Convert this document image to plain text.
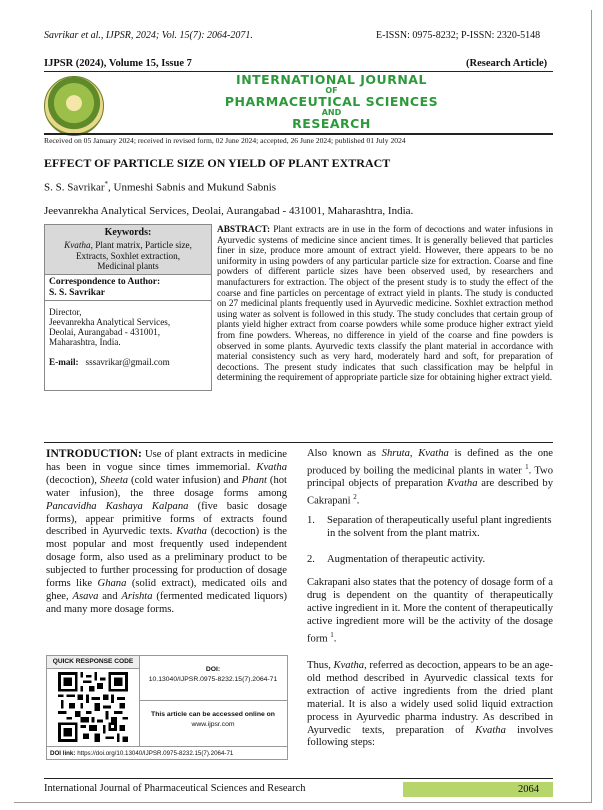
Savrikar et al., IJPSR, 2024; Vol. 15(7): 2064-2071.	E-ISSN: 0975-8232; P-ISSN: 2320-5148
IJPSR (2024), Volume 15, Issue 7	(Research Article)
INTERNATIONAL JOURNAL
OF
PHARMACEUTICAL SCIENCES
AND
RESEARCH
Received on 05 January 2024; received in revised form, 02 June 2024; accepted, 26 June 2024; published 01 July 2024
EFFECT OF PARTICLE SIZE ON YIELD OF PLANT EXTRACT
S. S. Savrikar*, Unmeshi Sabnis and Mukund Sabnis
Jeevanrekha Analytical Services, Deolai, Aurangabad - 431001, Maharashtra, India.
Keywords:
Kvatha, Plant matrix, Particle size,
Extracts, Soxhlet extraction,
Medicinal plants
Correspondence to Author:
S. S. Savrikar
Director,
Jeevanrekha Analytical Services,
Deolai, Aurangabad - 431001,
Maharashtra, India.
E-mail: sssavrikar@gmail.com
ABSTRACT: Plant extracts are in use in the form of decoctions and water infusions in Ayurvedic systems of medicine since ancient times. It is generally believed that particles finer in size, produce more amount of extract yield. However, there appears to be no uniformity in using powders of any particular particle size for extraction. Coarse and fine powders of different particle sizes have been observed used, by researchers and manufacturers for extraction. The object of the present study is to study the effect of the coarse and fine particles on percentage of extract yield in plants. The study is conducted on 27 medicinal plants frequently used in Ayurvedic medicine. Soxhlet extraction method using water as solvent is followed in this study. The study concludes that certain group of plants yield higher extract from coarse powders while some produce higher extract yield from fine powders. Whereas, no difference in yield of the coarse and fine powders is observed in some plants. Ayurvedic texts classify the plant material in accordance with material consistency such as very hard, moderately hard and soft, for preparation of decoctions. The present study indicates that such classification may be helpful in determining the requirement of appropriate particle size for obtaining higher extract yield.
INTRODUCTION: Use of plant extracts in medicine has been in vogue since times immemorial. Kvatha (decoction), Sheeta (cold water infusion) and Phant (hot water infusion), the three dosage forms among Pancavidha Kashaya Kalpana (five basic dosage forms), appear primitive forms of extracts found described in Ayurvedic texts. Kvatha (decoction) is the most popular and most frequently used independent dosage form, also used as a preliminary product to be subjected to further processing for production of dosage forms like Ghana (solid extract), medicated oils and ghee, Asava and Arishta (fermented medicated liquors) and many more dosage forms.
QUICK RESPONSE CODE
DOI:
10.13040/IJPSR.0975-8232.15(7).2064-71
This article can be accessed online on
www.ijpsr.com
DOI link: https://doi.org/10.13040/IJPSR.0975-8232.15(7).2064-71
Also known as Shruta, Kvatha is defined as the one produced by boiling the medicinal plants in water $^1$. Two principal objects of preparation Kvatha are described by Cakrapani $^2$.
1.	Separation of therapeutically useful plant ingredients in the solvent from the plant matrix.
2.	Augmentation of therapeutic activity.
Cakrapani also states that the potency of dosage form of a drug is dependent on the quantity of therapeutically active ingredient in it. More the content of therapeutically active ingredient more will be the activity of the dosage form $^1$.
Thus, Kvatha, referred as decoction, appears to be an age-old method described in Ayurvedic classical texts for extraction of active ingredients from the dried plant material. It is also a widely used solid liquid extraction process in Ayurvedic pharma industry. As described in Ayurvedic texts, preparation of Kvatha involves following steps:
International Journal of Pharmaceutical Sciences and Research	2064
